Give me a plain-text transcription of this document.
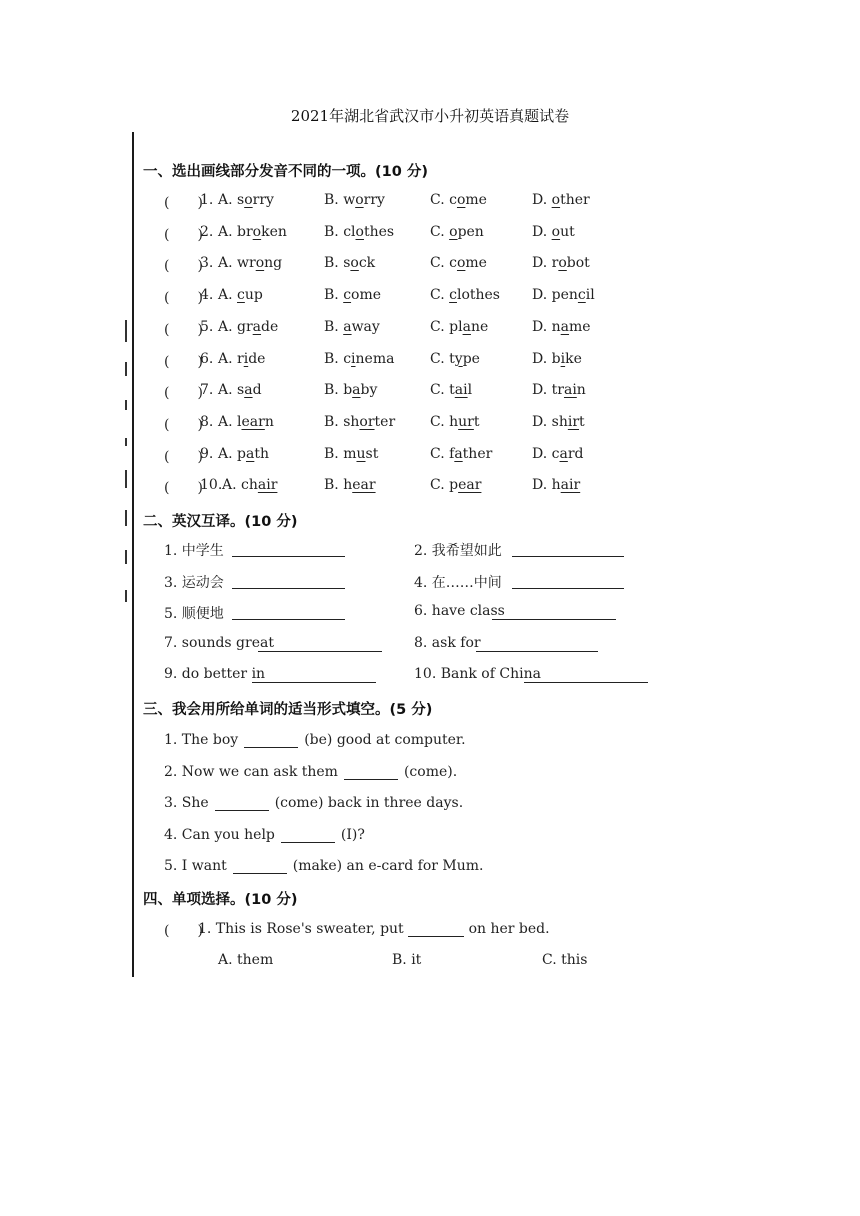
2021年湖北省武汉市小升初英语真题试卷
一、选出画线部分发音不同的一项。(10 分)
(　　)
1. A. sorry	B. worry	C. come	D. other
(　　)
2. A. broken	B. clothes	C. open	D. out
(　　)
3. A. wrong	B. sock	C. come	D. robot
(　　)
4. A. cup	B. come	C. clothes D. pencil
(　　)
5. A. grade	B. away	C. plane	D. name
(　　)
6. A. ride	B. cinema	C. type	D. bike
(　　)
7. A. sad	B. baby	C. tail	D. train
(　　)
8. A. learn	B. shorter C. hurt	D. shirt
(　　)
9. A. path	B. must	C. father	D. card
(　　)
10. A. chair	B. hear	C. pear	D. hair
二、英汉互译。(10 分)
1. 中学生	2. 我希望如此
3. 运动会	4. 在……中间
5. 顺便地	6. have class
7. sounds great	8. ask for
9. do better in	10. Bank of China
三、我会用所给单词的适当形式填空。(5 分)
1. The boy	(be) good at computer.
2. Now we can ask them	(come).
3. She	(come) back in three days.
4. Can you help	(I)?
5. I want	(make) an e-card for Mum.
四、单项选择。(10 分)
(　　)
1. This is Rose's sweater, put	on her bed.
A. them	B. it	C. this
